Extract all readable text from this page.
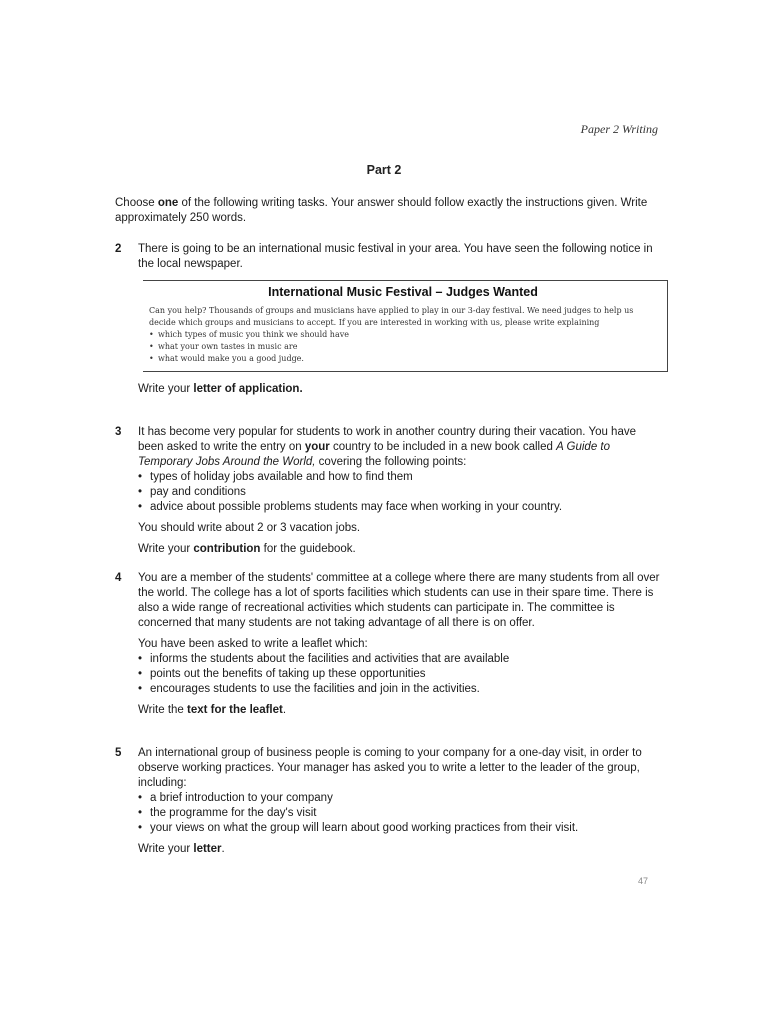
Paper 2 Writing
Part 2
Choose one of the following writing tasks. Your answer should follow exactly the instructions given. Write approximately 250 words.
2 There is going to be an international music festival in your area. You have seen the following notice in the local newspaper.

International Music Festival – Judges Wanted

Can you help? Thousands of groups and musicians have applied to play in our 3-day festival. We need judges to help us decide which groups and musicians to accept. If you are interested in working with us, please write explaining

• which types of music you think we should have
• what your own tastes in music are
• what would make you a good judge.

Write your letter of application.

3 It has become very popular for students to work in another country during their vacation. You have been asked to write the entry on your country to be included in a new book called A Guide to Temporary Jobs Around the World, covering the following points:

• types of holiday jobs available and how to find them
• pay and conditions
• advice about possible problems students may face when working in your country.

You should write about 2 or 3 vacation jobs.

Write your contribution for the guidebook.

4 You are a member of the students' committee at a college where there are many students from all over the world. The college has a lot of sports facilities which students can use in their spare time. There is also a wide range of recreational activities which students can participate in. The committee is concerned that many students are not taking advantage of all there is on offer.

You have been asked to write a leaflet which:

• informs the students about the facilities and activities that are available
• points out the benefits of taking up these opportunities
• encourages students to use the facilities and join in the activities.

Write the text for the leaflet.

5 An international group of business people is coming to your company for a one-day visit, in order to observe working practices. Your manager has asked you to write a letter to the leader of the group, including:

• a brief introduction to your company
• the programme for the day's visit
• your views on what the group will learn about good working practices from their visit.

Write your letter.

47
